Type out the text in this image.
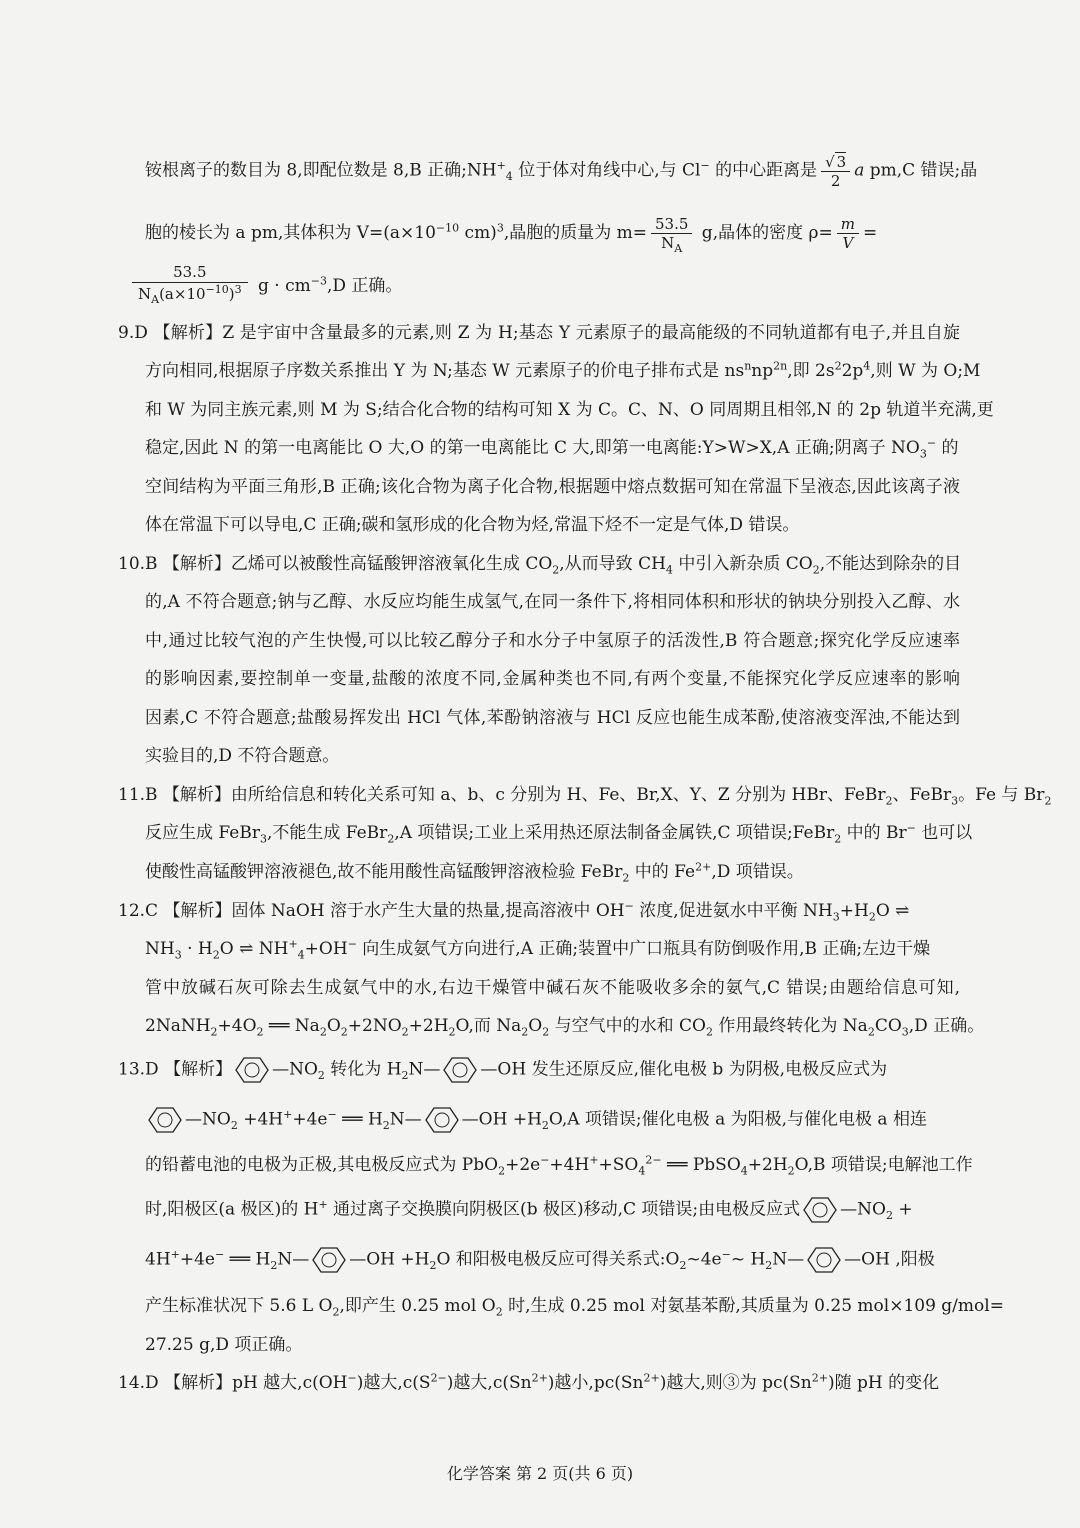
铵根离子的数目为 8,即配位数是 8,B 正确$;NH^+_4$ 位于体对角线中心,与 Cl− 的中心距离是 $\frac{√ 3}{2}$ a pm,C 错误;晶
胞的棱长为 a pm,其体积为 $V=(a\times 10^{-10}$ cm)$^3$,晶胞的质量为 $m= \frac{53.5}{N_A} g$,晶体的密度 $\rho= \frac{m}{V}$ =
$\frac{53.5}{N_A(a\times 10^{-10})^3}$ $g \cdot cm^{-3},D$ 正确。
9.D 【解析】Z 是宇宙中含量最多的元素,则 Z 为 H;基态 Y 元素原子的最高能级的不同轨道都有电子,并且自旋
方向相同,根据原子序数关系推出 Y 为 N;基态 W 元素原子的价电子排布式是 $ns^nnp^{2n}$,即 $2s^22p^4$,则 W 为 O;M
和 W 为同主族元素,则 M 为 S;结合化合物的结构可知 X 为 C。C、N、O 同周期且相邻,N 的 2p 轨道半充满,更
稳定,因此 N 的第一电离能比 O 大,O 的第一电离能比 C 大,即第一电离能:Y>W>X,A 正确;阴离子 $NO_3^-$ 的
空间结构为平面三角形,B 正确;该化合物为离子化合物,根据题中熔点数据可知在常温下呈液态,因此该离子液
体在常温下可以导电,C 正确;碳和氢形成的化合物为烃,常温下烃不一定是气体,D 错误。
10.B 【解析】乙烯可以被酸性高锰酸钾溶液氧化生成 $CO_2$,从而导致 $CH_4$ 中引入新杂质 $CO_2$,不能达到除杂的目
的,A 不符合题意;钠与乙醇、水反应均能生成氢气,在同一条件下,将相同体积和形状的钠块分别投入乙醇、水
中,通过比较气泡的产生快慢,可以比较乙醇分子和水分子中氢原子的活泼性,B 符合题意;探究化学反应速率
的影响因素,要控制单一变量,盐酸的浓度不同,金属种类也不同,有两个变量,不能探究化学反应速率的影响
因素,C 不符合题意;盐酸易挥发出 HCl 气体,苯酚钠溶液与 HCl 反应也能生成苯酚,使溶液变浑浊,不能达到
实验目的,D 不符合题意。
11.B 【解析】由所给信息和转化关系可知 a、b、c 分别为 H、Fe、Br,X、Y、Z 分别为 HBr、FeBr$_2$、FeBr$_3$。Fe 与 $Br_2$
反应生成 FeBr$_3$,不能生成 FeBr$_2$,A 项错误;工业上采用热还原法制备金属铁,C 项错误;FeBr$_2$ 中的 Br− 也可以
使酸性高锰酸钾溶液褪色,故不能用酸性高锰酸钾溶液检验 FeBr$_2$ 中的 $Fe^{2+},D$ 项错误。
12.C 【解析】固体 NaOH 溶于水产生大量的热量,提高溶液中 OH− 浓度,促进氨水中平衡 $NH_3+H_2O$ ⇌
$NH_3 \cdot H_2O$ ⇌ $NH^+_4+OH^-$ 向生成氨气方向进行,A 正确;装置中广口瓶具有防倒吸作用,B 正确;左边干燥
管中放碱石灰可除去生成氨气中的水,右边干燥管中碱石灰不能吸收多余的氨气,C 错误;由题给信息可知,
$2NaNH_2+4O_2$ ══ $Na_2O_2+2NO_2+2H_2O$,而 $Na_2O_2$ 与空气中的水和 $CO_2$ 作用最终转化为 $Na_2CO_3,D$ 正确。
13.D 【解析】 $—NO_2$ 转化为 $H_2N—$ —OH 发生还原反应,催化电极 b 为阴极,电极反应式为
$—NO_2 +4H^++4e^-$ ══ $H_2N—$ —OH $+H_2O,A$ 项错误;催化电极 a 为阳极,与催化电极 a 相连
的铅蓄电池的电极为正极,其电极反应式为 $PbO_2+2e^-+4H^++SO_4^{2-}$ ══ $PbSO_4+2H_2O,B$ 项错误;电解池工作
时,阳极区(a 极区)的 H+ 通过离子交换膜向阴极区(b 极区)移动,C 项错误;由电极反应式 $—NO_2$ +
4H++4e− ══ $H_2N—$ —OH $+H_2O$ 和阳极电极反应可得关系式$:O_2\sim 4e^-\sim$ $H_2N—$ —OH ,阳极
产生标准状况下 5.6 L $O_2$,即产生 0.25 mol $O_2$ 时,生成 0.25 mol 对氨基苯酚,其质量为 0.25 mol×109 g/mol=
27.25 g,D 项正确。
14.D 【解析】pH 越大,c(OH−)越大$,c(S^{2-})$越大$,c(Sn^{2+})$越小$,pc(Sn^{2+})$越大,则③为 $pc(Sn^{2+})$随 pH 的变化
化学答案 第 2 页(共 6 页)
